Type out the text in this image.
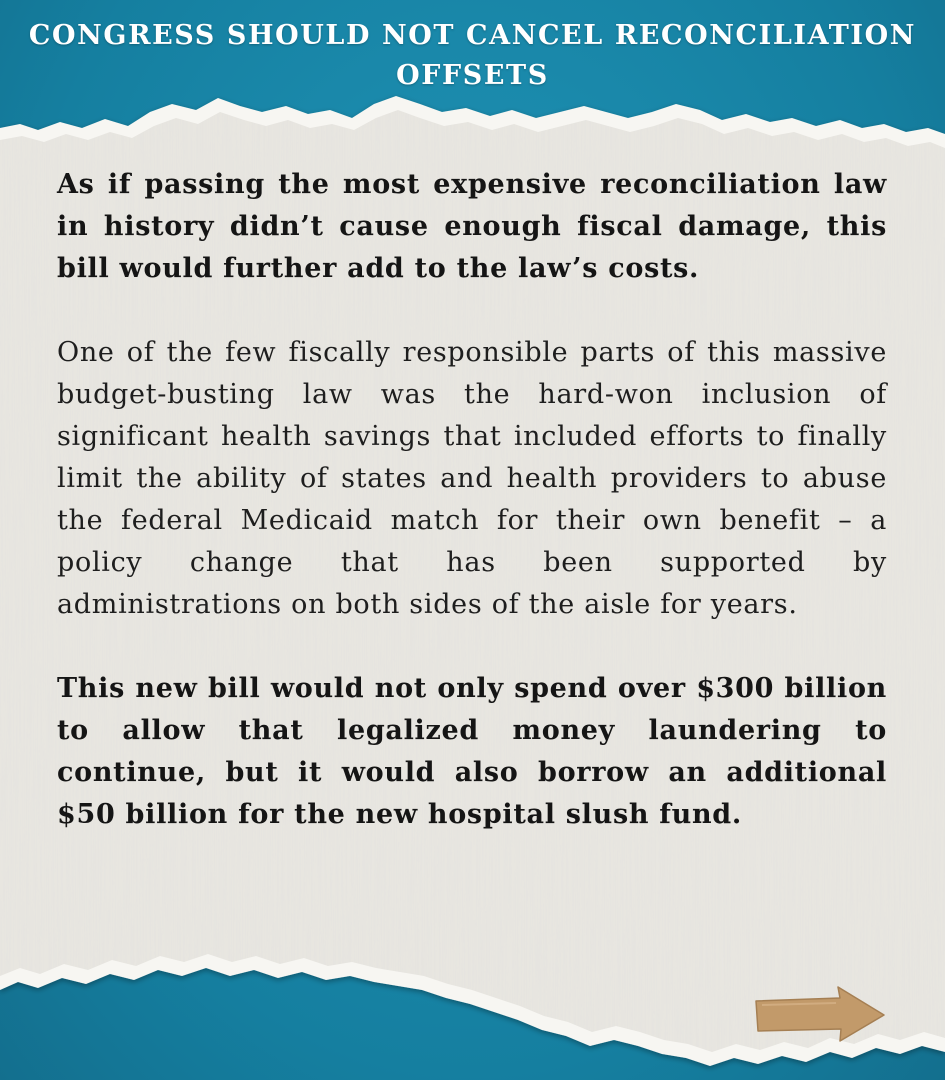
CONGRESS SHOULD NOT CANCEL RECONCILIATION
OFFSETS

As if passing the most expensive reconciliation law in history didn’t cause enough fiscal damage, this bill would further add to the law’s costs.

One of the few fiscally responsible parts of this massive budget-busting law was the hard-won inclusion of significant health savings that included efforts to finally limit the ability of states and health providers to abuse the federal Medicaid match for their own benefit – a policy change that has been supported by administrations on both sides of the aisle for years.

This new bill would not only spend over $300 billion to allow that legalized money laundering to continue, but it would also borrow an additional $50 billion for the new hospital slush fund.
